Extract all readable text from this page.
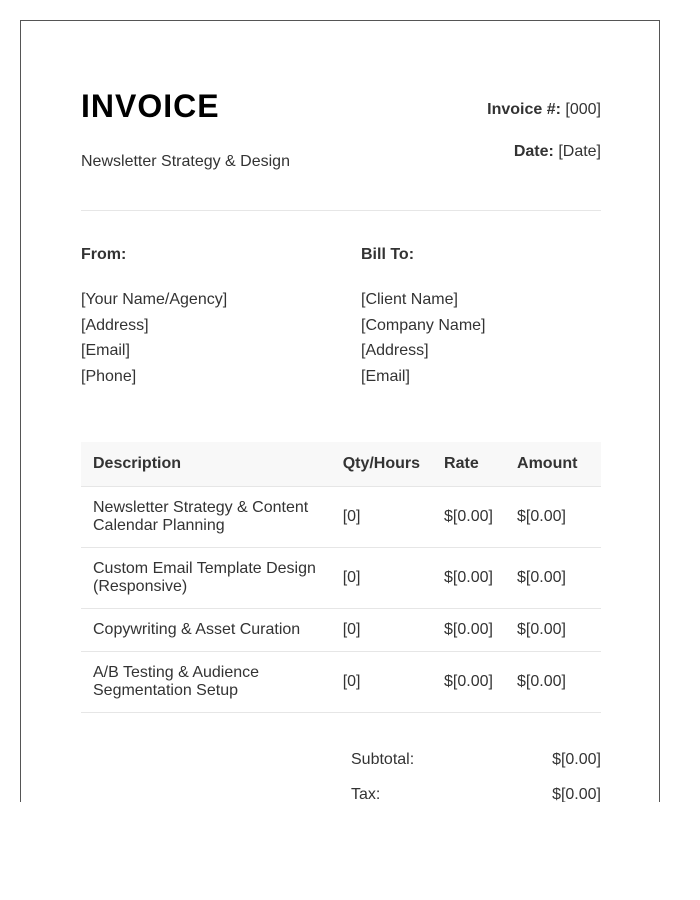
INVOICE
Newsletter Strategy & Design
Invoice #: [000]
Date: [Date]
From:
[Your Name/Agency]
[Address]
[Email]
[Phone]
Bill To:
[Client Name]
[Company Name]
[Address]
[Email]
Description	Qty/Hours	Rate	Amount
Newsletter Strategy & Content Calendar Planning	[0]	$[0.00]	$[0.00]
Custom Email Template Design (Responsive)	[0]	$[0.00]	$[0.00]
Copywriting & Asset Curation	[0]	$[0.00]	$[0.00]
A/B Testing & Audience Segmentation Setup	[0]	$[0.00]	$[0.00]
Subtotal:	$[0.00]
Tax:	$[0.00]
